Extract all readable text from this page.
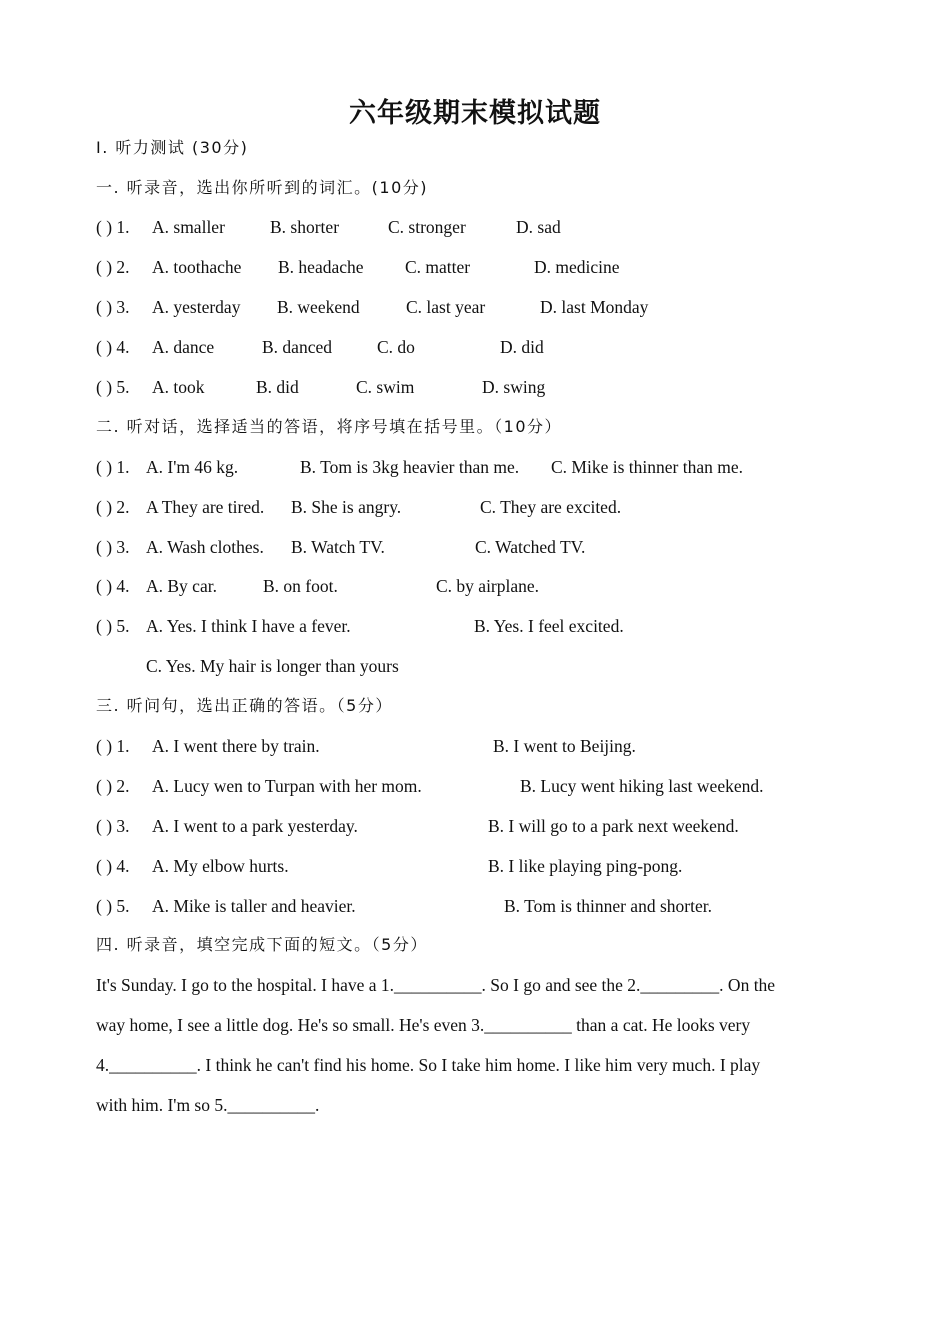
六年级期末模拟试题
I. 听力测试 (30分)
一. 听录音，选出你所听到的词汇。(10分)
( ) 1. A. smaller	B. shorter	C. stronger	D. sad
( ) 2. A. toothache B. headache C. matter	D. medicine
( ) 3. A. yesterday B. weekend	C. last year	D. last Monday
( ) 4. A. dance	B. danced	C. do	D. did
( ) 5. A. took	B. did	C. swim	D. swing
二. 听对话，选择适当的答语，将序号填在括号里。（10分）
( ) 1. A. I'm 46 kg.	B. Tom is 3kg heavier than me. C. Mike is thinner than me.
( ) 2. A They are tired. B. She is angry.	C. They are excited.
( ) 3. A. Wash clothes. B. Watch TV.	C. Watched TV.
( ) 4. A. By car.	B. on foot.	C. by airplane.
( ) 5. A. Yes. I think I have a fever.	B. Yes. I feel excited.
C. Yes. My hair is longer than yours
三. 听问句，选出正确的答语。（5分）
( ) 1. A. I went there by train.	B. I went to Beijing.
( ) 2. A. Lucy wen to Turpan with her mom.	B. Lucy went hiking last weekend.
( ) 3. A. I went to a park yesterday.	B. I will go to a park next weekend.
( ) 4. A. My elbow hurts.	B. I like playing ping-pong.
( ) 5. A. Mike is taller and heavier.	B. Tom is thinner and shorter.
四. 听录音，填空完成下面的短文。（5分）
It's Sunday. I go to the hospital. I have a 1.__________. So I go and see the 2._________. On the
way home, I see a little dog. He's so small. He's even 3.__________ than a cat. He looks very
4.__________. I think he can't find his home. So I take him home. I like him very much. I play
with him. I'm so 5.__________.
